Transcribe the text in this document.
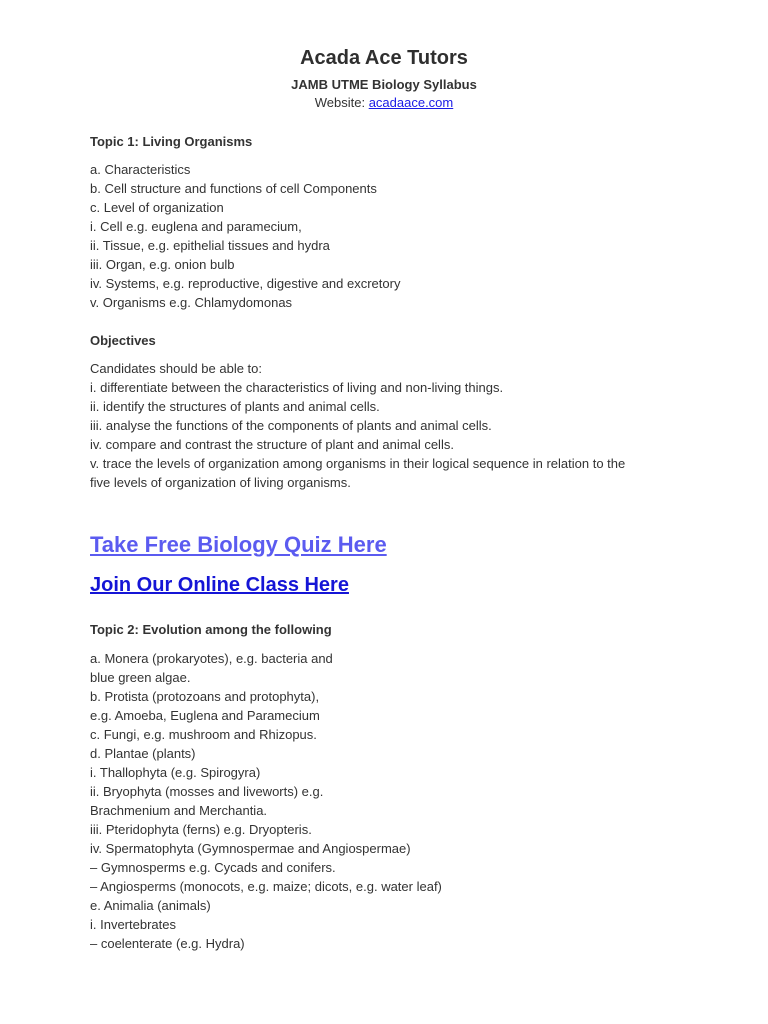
Acada Ace Tutors
JAMB UTME Biology Syllabus
Website: acadaace.com
Topic 1: Living Organisms
a. Characteristics
b. Cell structure and functions of cell Components
c. Level of organization
i. Cell e.g. euglena and paramecium,
ii. Tissue, e.g. epithelial tissues and hydra
iii. Organ, e.g. onion bulb
iv. Systems, e.g. reproductive, digestive and excretory
v. Organisms e.g. Chlamydomonas
Objectives
Candidates should be able to:
i. differentiate between the characteristics of living and non-living things.
ii. identify the structures of plants and animal cells.
iii. analyse the functions of the components of plants and animal cells.
iv. compare and contrast the structure of plant and animal cells.
v. trace the levels of organization among organisms in their logical sequence in relation to the
five levels of organization of living organisms.
Take Free Biology Quiz Here
Join Our Online Class Here
Topic 2: Evolution among the following
a. Monera (prokaryotes), e.g. bacteria and
blue green algae.
b. Protista (protozoans and protophyta),
e.g. Amoeba, Euglena and Paramecium
c. Fungi, e.g. mushroom and Rhizopus.
d. Plantae (plants)
i. Thallophyta (e.g. Spirogyra)
ii. Bryophyta (mosses and liveworts) e.g.
Brachmenium and Merchantia.
iii. Pteridophyta (ferns) e.g. Dryopteris.
iv. Spermatophyta (Gymnospermae and Angiospermae)
– Gymnosperms e.g. Cycads and conifers.
– Angiosperms (monocots, e.g. maize; dicots, e.g. water leaf)
e. Animalia (animals)
i. Invertebrates
– coelenterate (e.g. Hydra)
